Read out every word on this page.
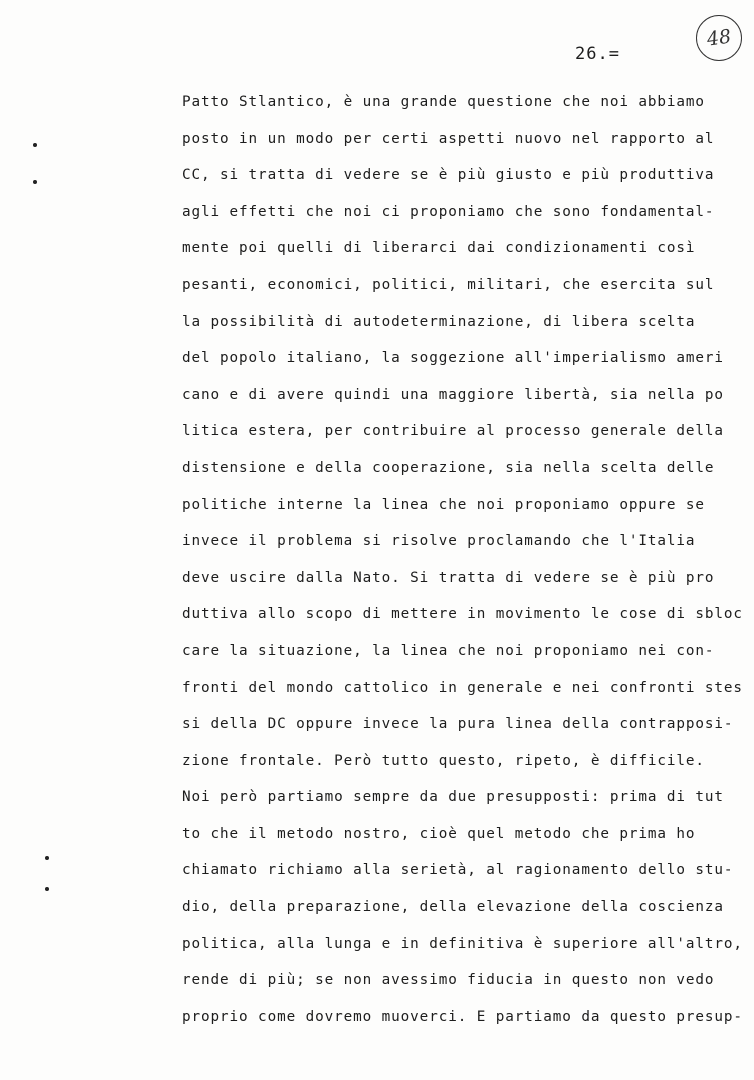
26.=
48
Patto Stlantico, è una grande questione che noi abbiamo
posto in un modo per certi aspetti nuovo nel rapporto al
CC, si tratta di vedere se è più giusto e più produttiva
agli effetti che noi ci proponiamo che sono fondamental-
mente poi quelli di liberarci dai condizionamenti così
pesanti, economici, politici, militari, che esercita sul
la possibilità di autodeterminazione, di libera scelta
del popolo italiano, la soggezione all'imperialismo ameri
cano e di avere quindi una maggiore libertà, sia nella po
litica estera, per contribuire al processo generale della
distensione e della cooperazione, sia nella scelta delle
politiche interne la linea che noi proponiamo oppure se
invece il problema si risolve proclamando che l'Italia
deve uscire dalla Nato. Si tratta di vedere se è più pro
duttiva allo scopo di mettere in movimento le cose di sbloc
care la situazione, la linea che noi proponiamo nei con-
fronti del mondo cattolico in generale e nei confronti stes
si della DC oppure invece la pura linea della contrapposi-
zione frontale. Però tutto questo, ripeto, è difficile.
Noi però partiamo sempre da due presupposti: prima di tut
to che il metodo nostro, cioè quel metodo che prima ho
chiamato richiamo alla serietà, al ragionamento dello stu-
dio, della preparazione, della elevazione della coscienza
politica, alla lunga e in definitiva è superiore all'altro,
rende di più; se non avessimo fiducia in questo non vedo
proprio come dovremo muoverci. E partiamo da questo presup-
